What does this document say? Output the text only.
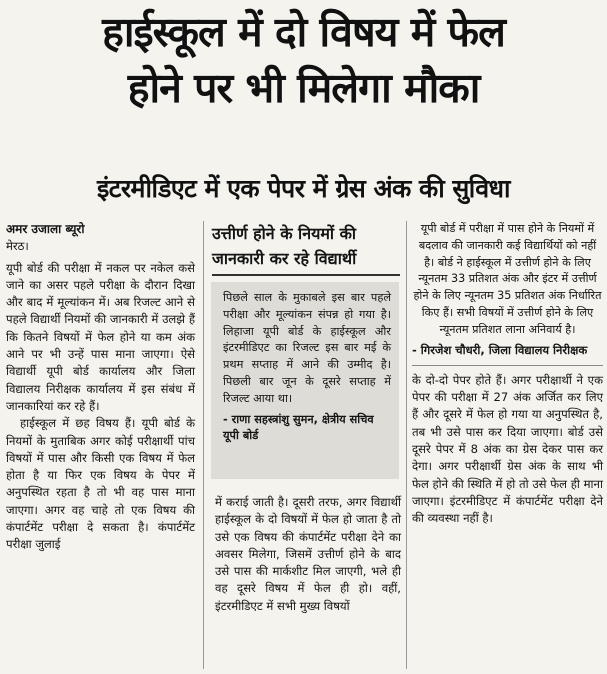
हाईस्कूल में दो विषय में फेल
होने पर भी मिलेगा मौका
इंटरमीडिएट में एक पेपर में ग्रेस अंक की सुविधा
अमर उजाला ब्यूरो
मेरठ।

यूपी बोर्ड की परीक्षा में नकल पर नकेल कसे जाने का असर पहले परीक्षा के दौरान दिखा और बाद में मूल्यांकन में। अब रिजल्ट आने से पहले विद्यार्थी नियमों की जानकारी में उलझे हैं कि कितने विषयों में फेल होने या कम अंक आने पर भी उन्हें पास माना जाएगा। ऐसे विद्यार्थी यूपी बोर्ड कार्यालय और जिला विद्यालय निरीक्षक कार्यालय में इस संबंध में जानकारियां कर रहे हैं।

हाईस्कूल में छह विषय हैं। यूपी बोर्ड के नियमों के मुताबिक अगर कोई परीक्षार्थी पांच विषयों में पास और किसी एक विषय में फेल होता है या फिर एक विषय के पेपर में अनुपस्थित रहता है तो भी वह पास माना जाएगा। अगर वह चाहे तो एक विषय की कंपार्टमेंट परीक्षा दे सकता है। कंपार्टमेंट परीक्षा जुलाई

उत्तीर्ण होने के नियमों की जानकारी कर रहे विद्यार्थी
पिछले साल के मुकाबले इस बार पहले परीक्षा और मूल्यांकन संपन्न हो गया है। लिहाजा यूपी बोर्ड के हाईस्कूल और इंटरमीडिएट का रिजल्ट इस बार मई के प्रथम सप्ताह में आने की उम्मीद है। पिछली बार जून के दूसरे सप्ताह में रिजल्ट आया था।
- राणा सहस्त्रांशु सुमन, क्षेत्रीय सचिव यूपी बोर्ड
में कराई जाती है। दूसरी तरफ, अगर विद्यार्थी हाईस्कूल के दो विषयों में फेल हो जाता है तो उसे एक विषय की कंपार्टमेंट परीक्षा देने का अवसर मिलेगा, जिसमें उत्तीर्ण होने के बाद उसे पास की मार्कशीट मिल जाएगी, भले ही वह दूसरे विषय में फेल ही हो। वहीं, इंटरमीडिएट में सभी मुख्य विषयों
यूपी बोर्ड में परीक्षा में पास होने के नियमों में बदलाव की जानकारी कई विद्यार्थियों को नहीं है। बोर्ड ने हाईस्कूल में उत्तीर्ण होने के लिए न्यूनतम 33 प्रतिशत अंक और इंटर में उत्तीर्ण होने के लिए न्यूनतम 35 प्रतिशत अंक निर्धारित किए हैं। सभी विषयों में उत्तीर्ण होने के लिए न्यूनतम प्रतिशत लाना अनिवार्य है।
- गिरजेश चौधरी, जिला विद्यालय निरीक्षक

के दो-दो पेपर होते हैं। अगर परीक्षार्थी ने एक पेपर की परीक्षा में 27 अंक अर्जित कर लिए हैं और दूसरे में फेल हो गया या अनुपस्थित है, तब भी उसे पास कर दिया जाएगा। बोर्ड उसे दूसरे पेपर में 8 अंक का ग्रेस देकर पास कर देगा। अगर परीक्षार्थी ग्रेस अंक के साथ भी फेल होने की स्थिति में हो तो उसे फेल ही माना जाएगा। इंटरमीडिएट में कंपार्टमेंट परीक्षा देने की व्यवस्था नहीं है।
